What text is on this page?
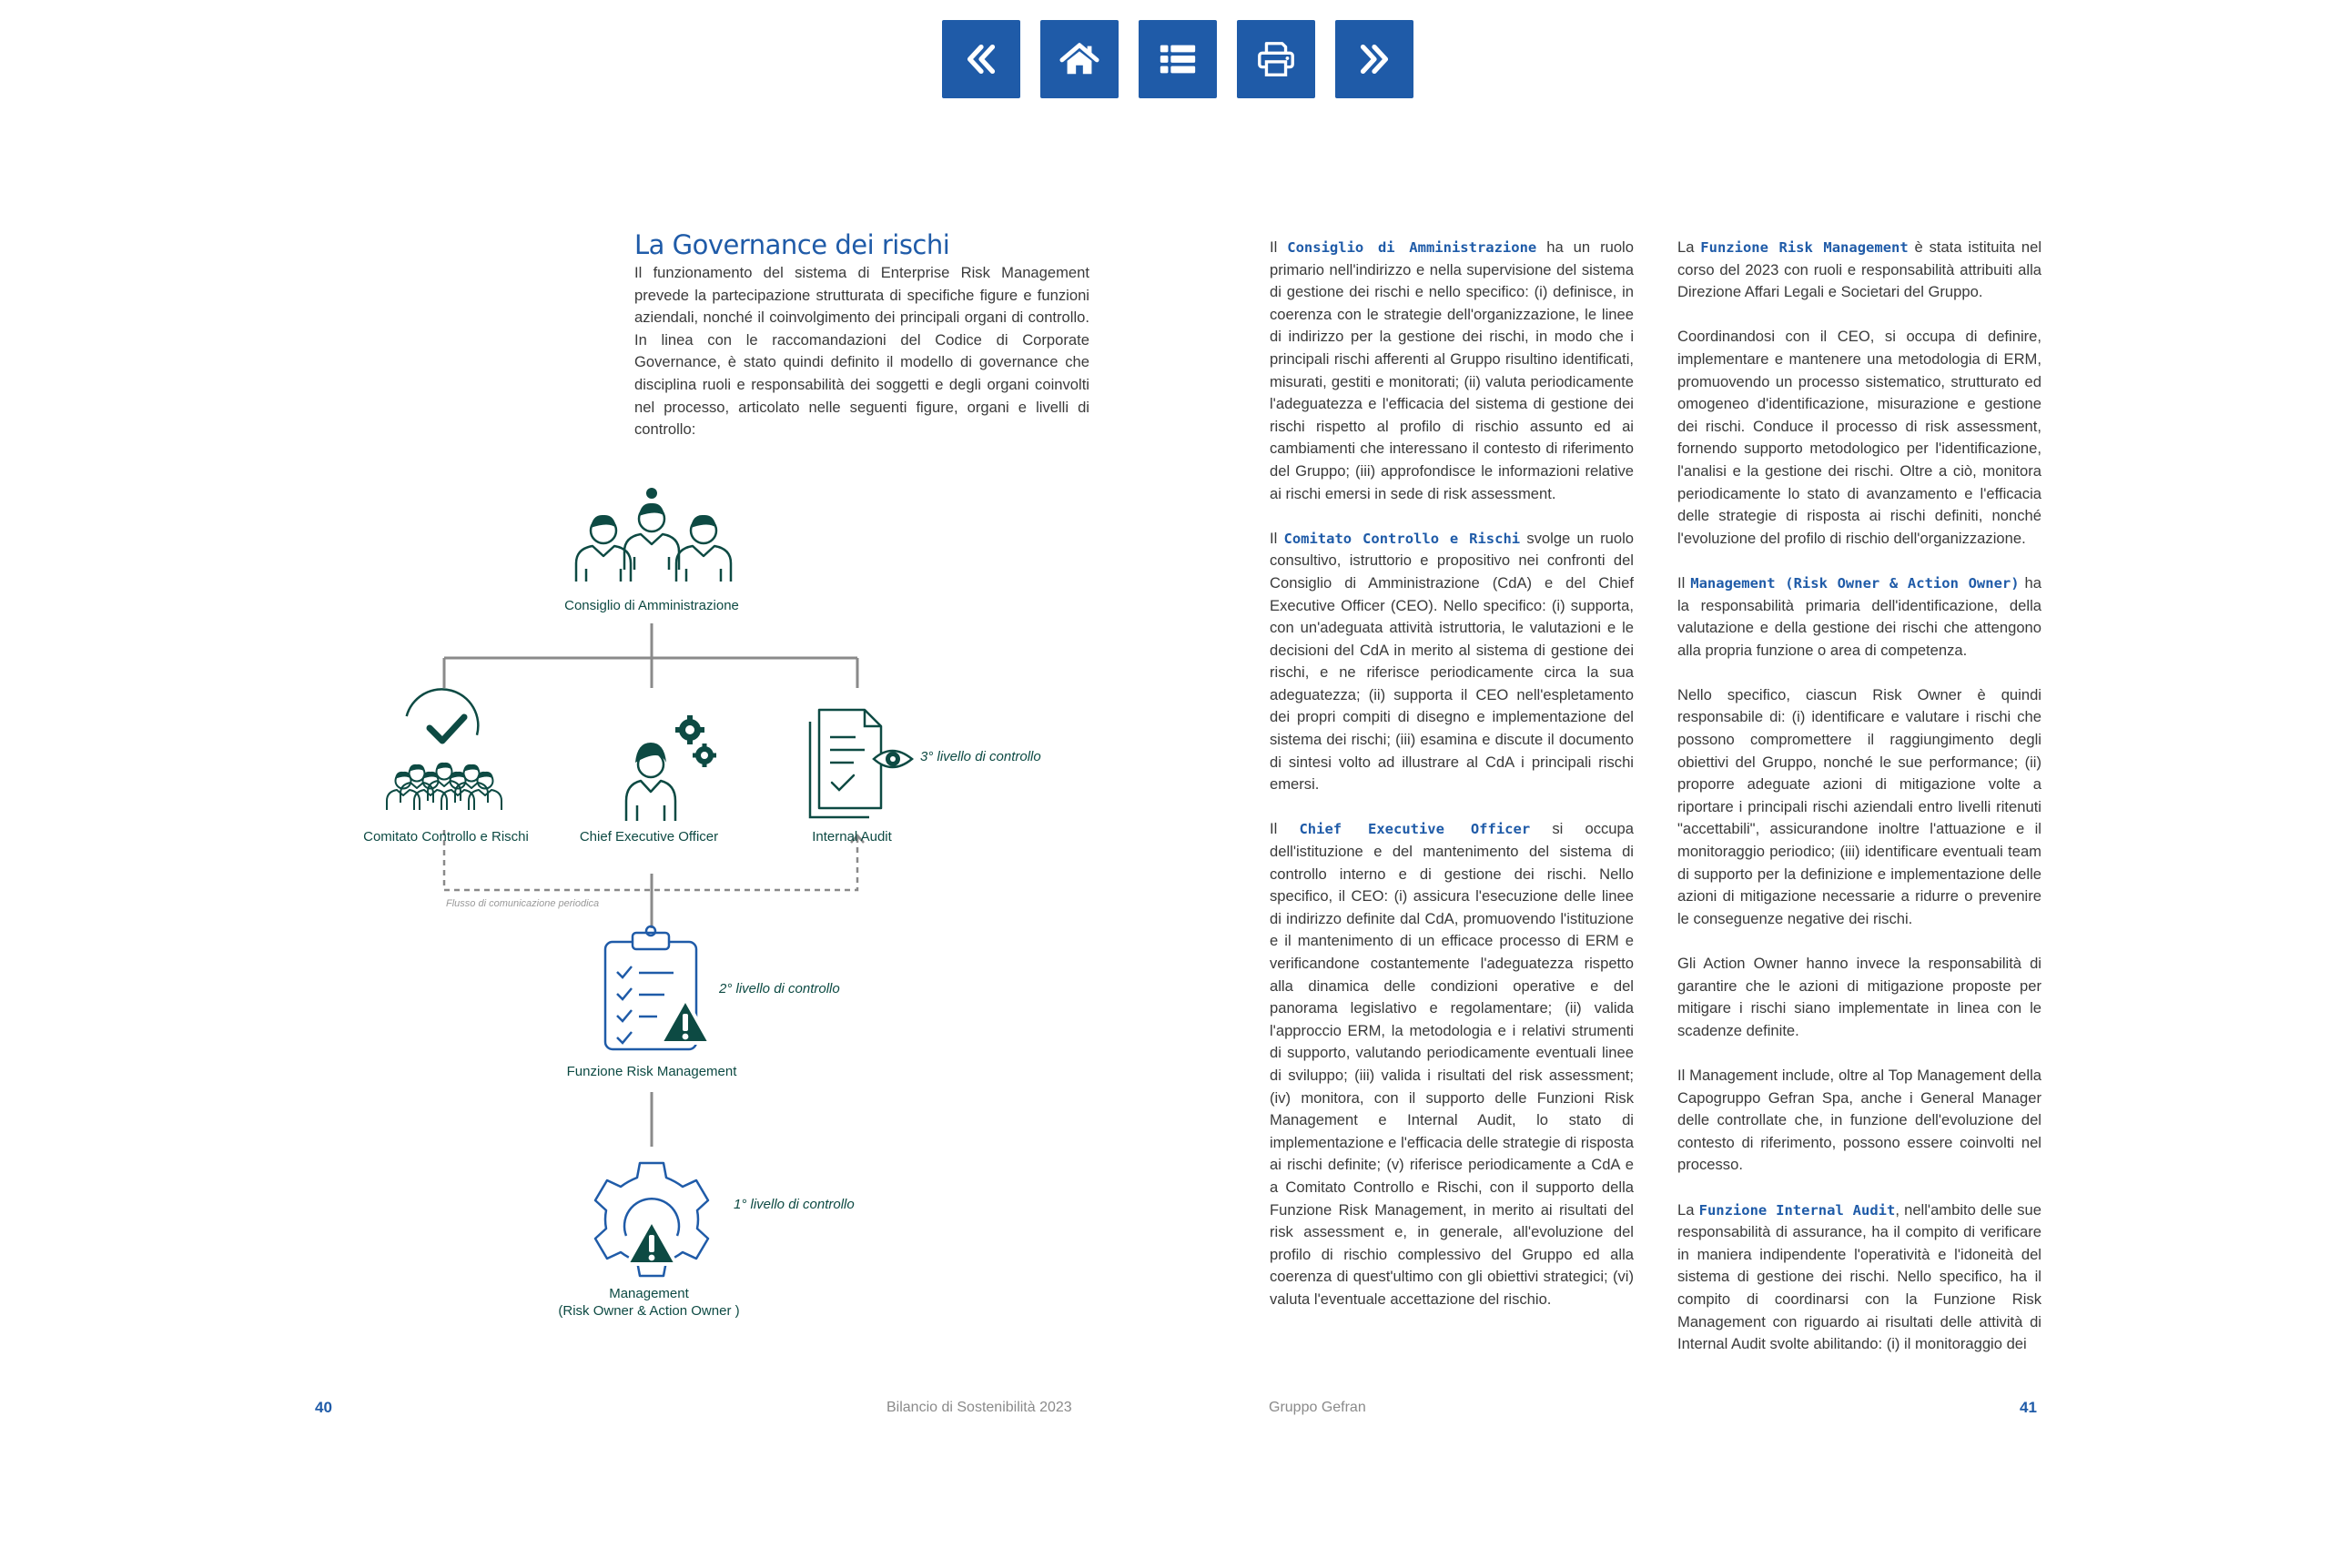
La Governance dei rischi
Il funzionamento del sistema di Enterprise Risk Management prevede la partecipazione strutturata di specifiche figure e funzioni aziendali, nonché il coinvolgimento dei principali organi di controllo. In linea con le raccomandazioni del Codice di Corporate Governance, è stato quindi definito il modello di governance che disciplina ruoli e responsabilità dei soggetti e degli organi coinvolti nel processo, articolato nelle seguenti figure, organi e livelli di controllo:
Consiglio di Amministrazione
Comitato Controllo e Rischi	Chief Executive Officer	Internal Audit
3° livello di controllo
Flusso di comunicazione periodica
2° livello di controllo
Funzione Risk Management
1° livello di controllo
Management
(Risk Owner & Action Owner )

Il Consiglio di Amministrazione ha un ruolo primario nell'indirizzo e nella supervisione del sistema di gestione dei rischi e nello specifico: (i) definisce, in coerenza con le strategie dell'organizzazione, le linee di indirizzo per la gestione dei rischi, in modo che i principali rischi afferenti al Gruppo risultino identificati, misurati, gestiti e monitorati; (ii) valuta periodicamente l'adeguatezza e l'efficacia del sistema di gestione dei rischi rispetto al profilo di rischio assunto ed ai cambiamenti che interessano il contesto di riferimento del Gruppo; (iii) approfondisce le informazioni relative ai rischi emersi in sede di risk assessment.

Il Comitato Controllo e Rischi svolge un ruolo consultivo, istruttorio e propositivo nei confronti del Consiglio di Amministrazione (CdA) e del Chief Executive Officer (CEO). Nello specifico: (i) supporta, con un'adeguata attività istruttoria, le valutazioni e le decisioni del CdA in merito al sistema di gestione dei rischi, e ne riferisce periodicamente circa la sua adeguatezza; (ii) supporta il CEO nell'espletamento dei propri compiti di disegno e implementazione del sistema dei rischi; (iii) esamina e discute il documento di sintesi volto ad illustrare al CdA i principali rischi emersi.

Il Chief Executive Officer si occupa dell'istituzione e del mantenimento del sistema di controllo interno e di gestione dei rischi. Nello specifico, il CEO: (i) assicura l'esecuzione delle linee di indirizzo definite dal CdA, promuovendo l'istituzione e il mantenimento di un efficace processo di ERM e verificandone costantemente l'adeguatezza rispetto alla dinamica delle condizioni operative e del panorama legislativo e regolamentare; (ii) valida l'approccio ERM, la metodologia e i relativi strumenti di supporto, valutando periodicamente eventuali linee di sviluppo; (iii) valida i risultati del risk assessment; (iv) monitora, con il supporto delle Funzioni Risk Management e Internal Audit, lo stato di implementazione e l'efficacia delle strategie di risposta ai rischi definite; (v) riferisce periodicamente a CdA e a Comitato Controllo e Rischi, con il supporto della Funzione Risk Management, in merito ai risultati del risk assessment e, in generale, all'evoluzione del profilo di rischio complessivo del Gruppo ed alla coerenza di quest'ultimo con gli obiettivi strategici; (vi) valuta l'eventuale accettazione del rischio.

La Funzione Risk Management è stata istituita nel corso del 2023 con ruoli e responsabilità attribuiti alla Direzione Affari Legali e Societari del Gruppo.

Coordinandosi con il CEO, si occupa di definire, implementare e mantenere una metodologia di ERM, promuovendo un processo sistematico, strutturato ed omogeneo d'identificazione, misurazione e gestione dei rischi. Conduce il processo di risk assessment, fornendo supporto metodologico per l'identificazione, l'analisi e la gestione dei rischi. Oltre a ciò, monitora periodicamente lo stato di avanzamento e l'efficacia delle strategie di risposta ai rischi definiti, nonché l'evoluzione del profilo di rischio dell'organizzazione.

Il Management (Risk Owner & Action Owner) ha la responsabilità primaria dell'identificazione, della valutazione e della gestione dei rischi che attengono alla propria funzione o area di competenza.

Nello specifico, ciascun Risk Owner è quindi responsabile di: (i) identificare e valutare i rischi che possono compromettere il raggiungimento degli obiettivi del Gruppo, nonché le sue performance; (ii) proporre adeguate azioni di mitigazione volte a riportare i principali rischi aziendali entro livelli ritenuti "accettabili", assicurandone inoltre l'attuazione e il monitoraggio periodico; (iii) identificare eventuali team di supporto per la definizione e implementazione delle azioni di mitigazione necessarie a ridurre o prevenire le conseguenze negative dei rischi.

Gli Action Owner hanno invece la responsabilità di garantire che le azioni di mitigazione proposte per mitigare i rischi siano implementate in linea con le scadenze definite.

Il Management include, oltre al Top Management della Capogruppo Gefran Spa, anche i General Manager delle controllate che, in funzione dell'evoluzione del contesto di riferimento, possono essere coinvolti nel processo.

La Funzione Internal Audit, nell'ambito delle sue responsabilità di assurance, ha il compito di verificare in maniera indipendente l'operatività e l'idoneità del sistema di gestione dei rischi. Nello specifico, ha il compito di coordinarsi con la Funzione Risk Management con riguardo ai risultati delle attività di Internal Audit svolte abilitando: (i) il monitoraggio dei

40	Bilancio di Sostenibilità 2023	Gruppo Gefran	41
